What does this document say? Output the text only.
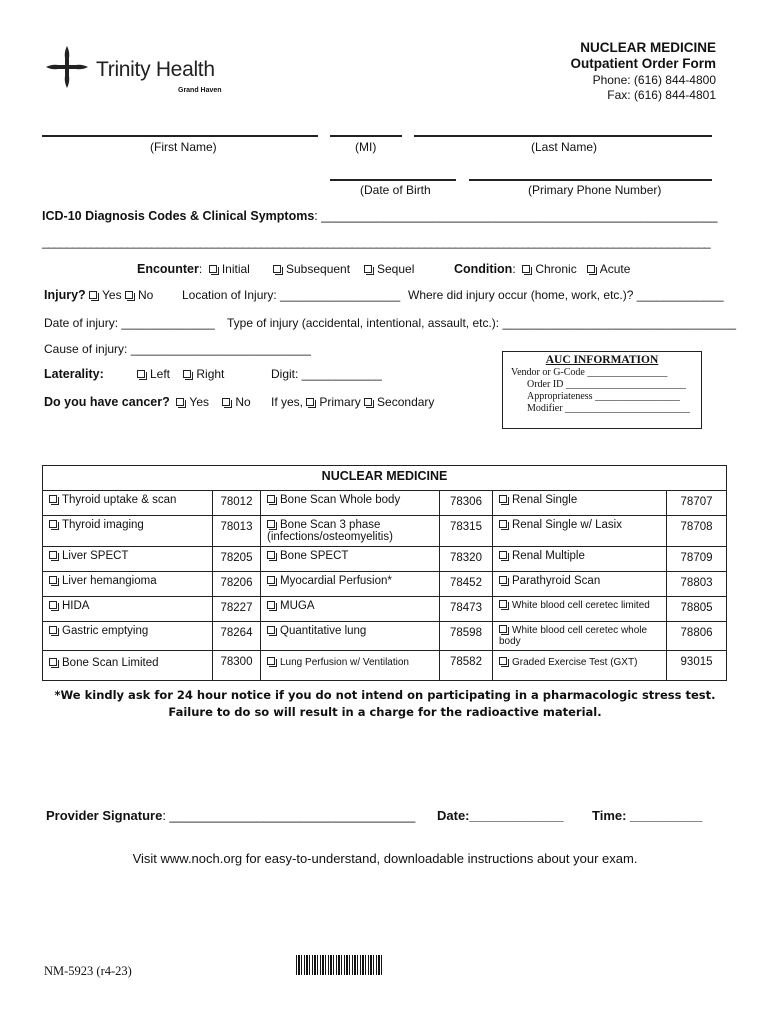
Trinity Health
Grand Haven
NUCLEAR MEDICINE
Outpatient Order Form
Phone: (616) 844-4800
Fax: (616) 844-4801
(First Name)	(MI)	(Last Name)
(Date of Birth	(Primary Phone Number)
ICD-10 Diagnosis Codes & Clinical Symptoms: _________________________________________________________
______________________________________________________________________________________________________________
Encounter:  Initial	Subsequent	Sequel	Condition:  Chronic Acute
Injury? Yes No Location of Injury: __________________ Where did injury occur (home, work, etc.)? _____________
Date of injury: ______________ Type of injury (accidental, intentional, assault, etc.): ___________________________________
Cause of injury: ___________________________
Laterality:	Left Right	Digit: ____________
Do you have cancer? Yes No If yes, Primary Secondary
AUC INFORMATION
Vendor or G-Code ________________
Order ID ________________________
Appropriateness _________________
Modifier _________________________
NUCLEAR MEDICINE					
Thyroid uptake & scan	78012	Bone Scan Whole body	78306	Renal Single	78707
Thyroid imaging	78013	Bone Scan 3 phase (infections/osteomyelitis)	78315	Renal Single w/ Lasix	78708
Liver SPECT	78205	Bone SPECT	78320	Renal Multiple	78709
Liver hemangioma	78206	Myocardial Perfusion*	78452	Parathyroid Scan	78803
HIDA	78227	MUGA	78473	White blood cell ceretec limited	78805
Gastric emptying	78264	Quantitative lung	78598	White blood cell ceretec whole body	78806
Bone Scan Limited	78300	Lung Perfusion w/ Ventilation	78582	Graded Exercise Test (GXT)	93015
*We kindly ask for 24 hour notice if you do not intend on participating in a pharmacologic stress test.
Failure to do so will result in a charge for the radioactive material.
Provider Signature: __________________________________ Date:_____________ Time: __________
Visit www.noch.org for easy-to-understand, downloadable instructions about your exam.
NM-5923 (r4-23)
